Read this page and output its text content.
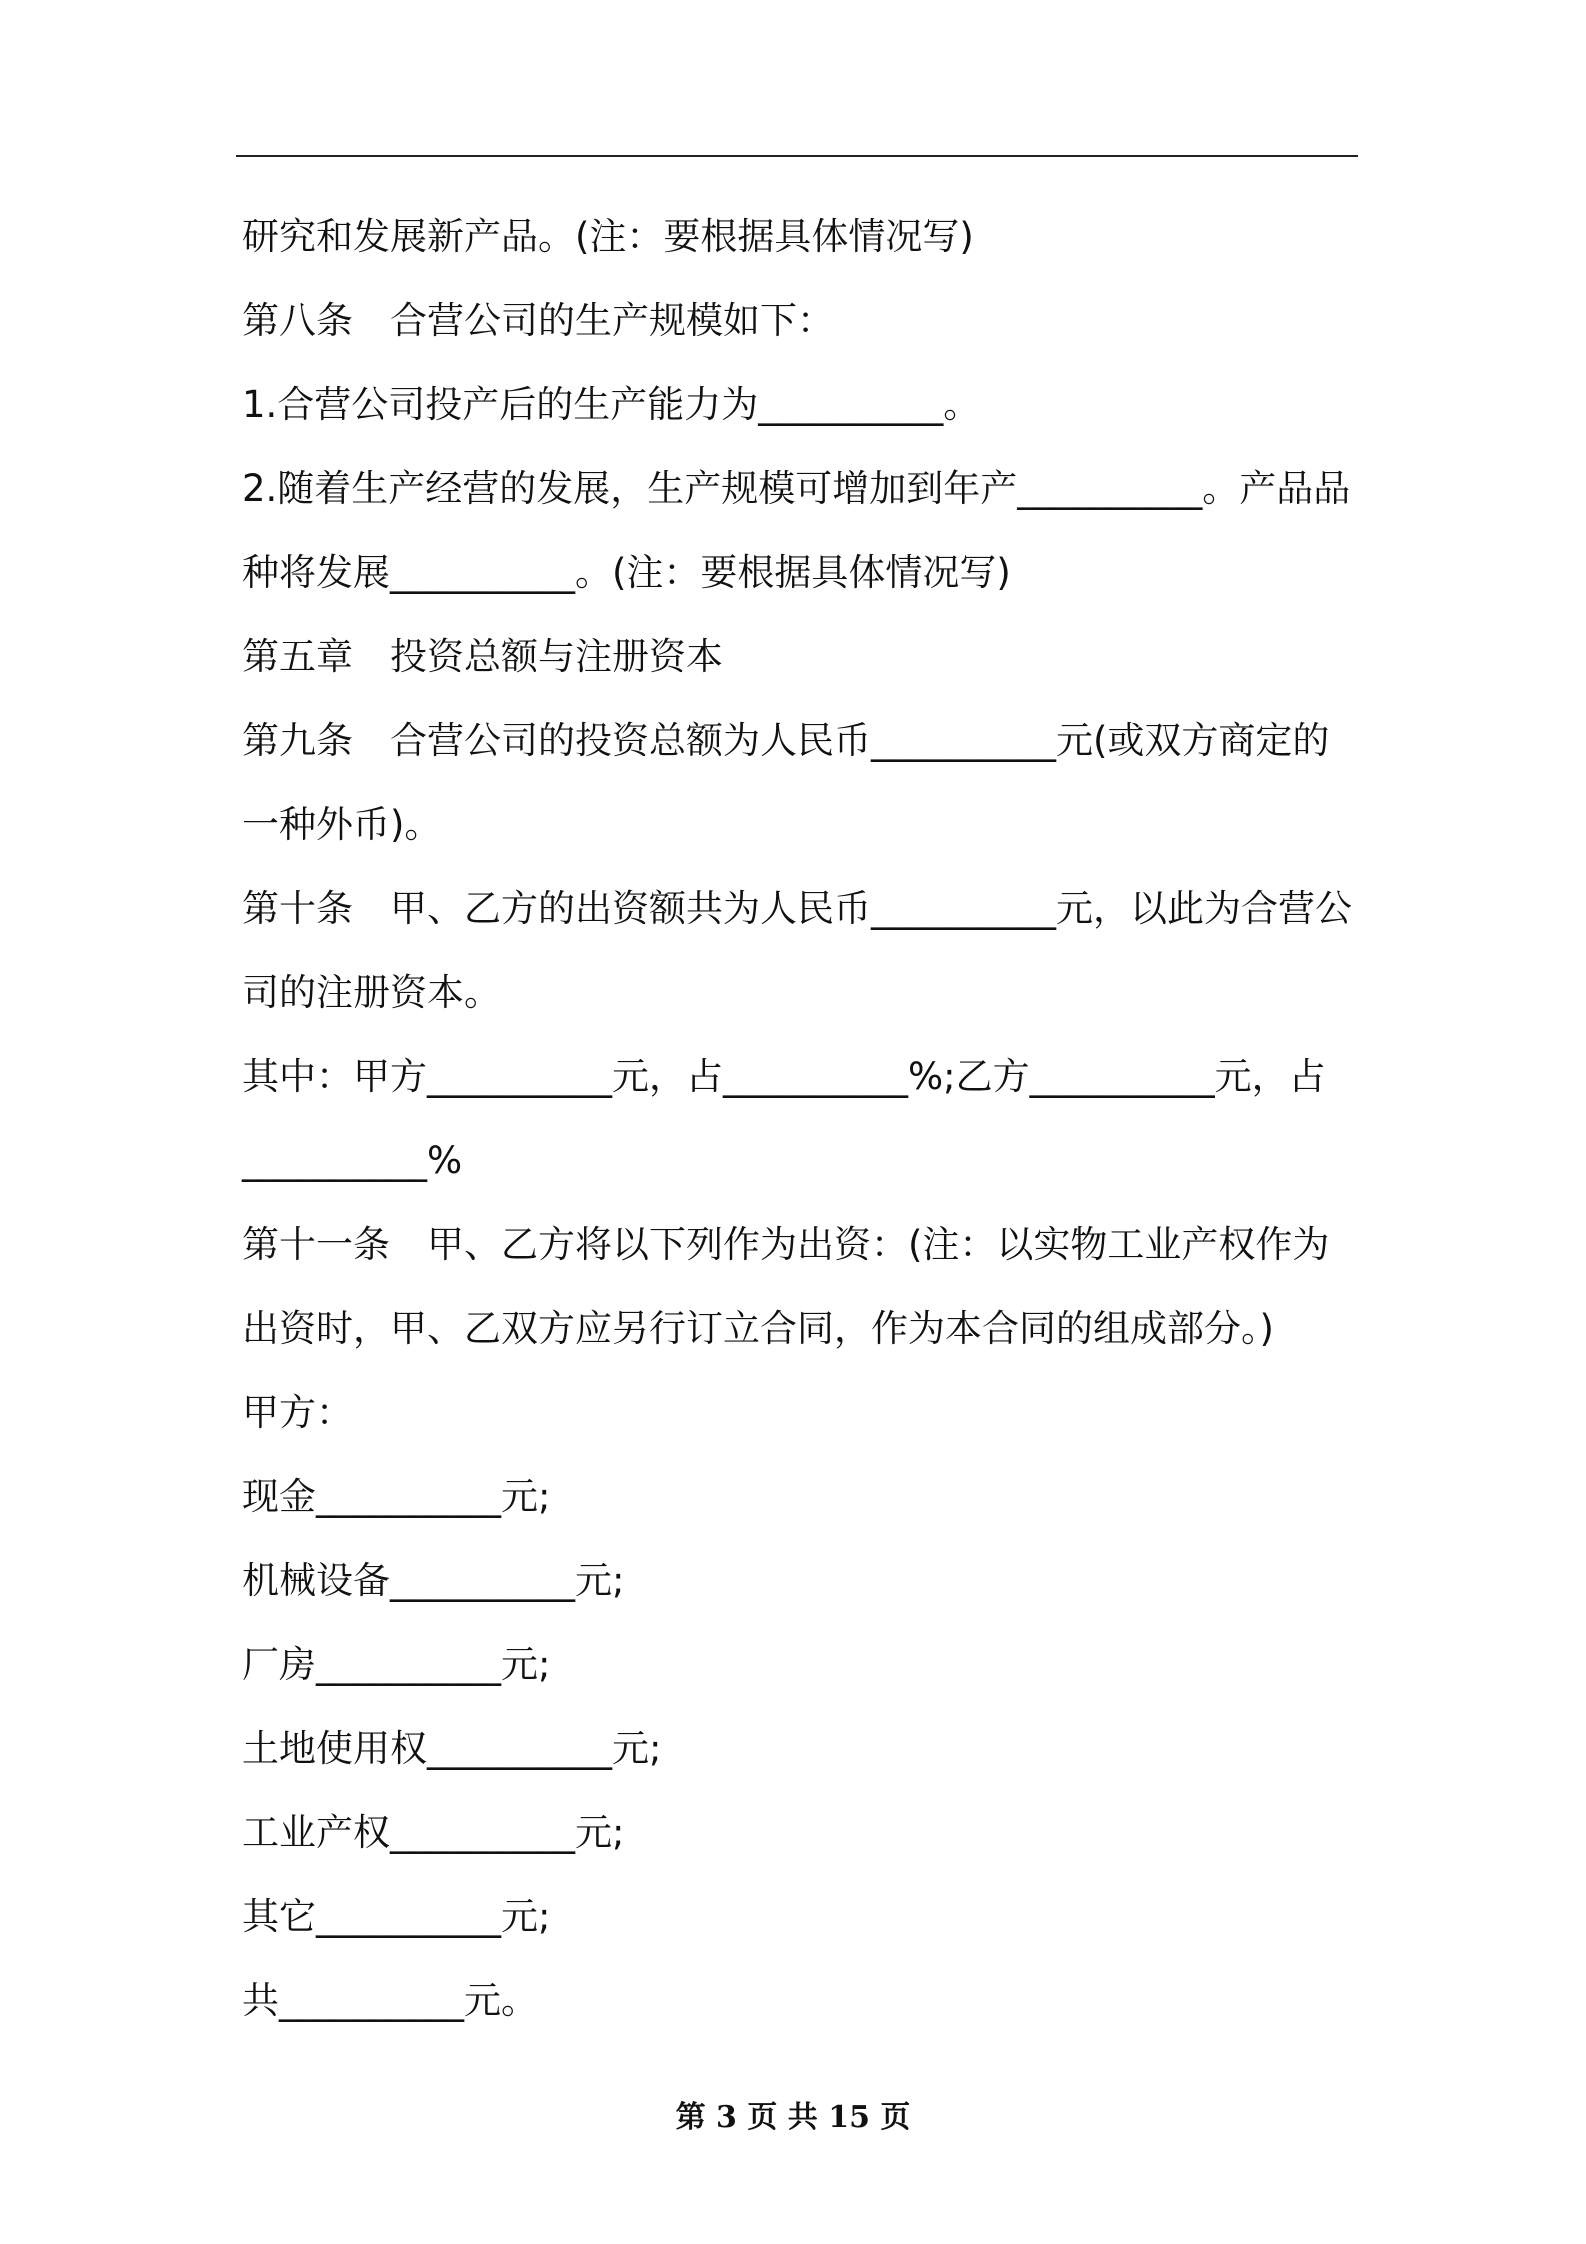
研究和发展新产品。(注：要根据具体情况写)
第八条　合营公司的生产规模如下：
1.合营公司投产后的生产能力为__________。
2.随着生产经营的发展，生产规模可增加到年产__________。产品品
种将发展__________。(注：要根据具体情况写)
第五章　投资总额与注册资本
第九条　合营公司的投资总额为人民币__________元(或双方商定的
一种外币)。
第十条　甲、乙方的出资额共为人民币__________元，以此为合营公
司的注册资本。
其中：甲方__________元，占__________%;乙方__________元，占
__________%
第十一条　甲、乙方将以下列作为出资：(注：以实物工业产权作为
出资时，甲、乙双方应另行订立合同，作为本合同的组成部分。)
甲方：
现金__________元;
机械设备__________元;
厂房__________元;
土地使用权__________元;
工业产权__________元;
其它__________元;
共__________元。
第 3 页 共 15 页
